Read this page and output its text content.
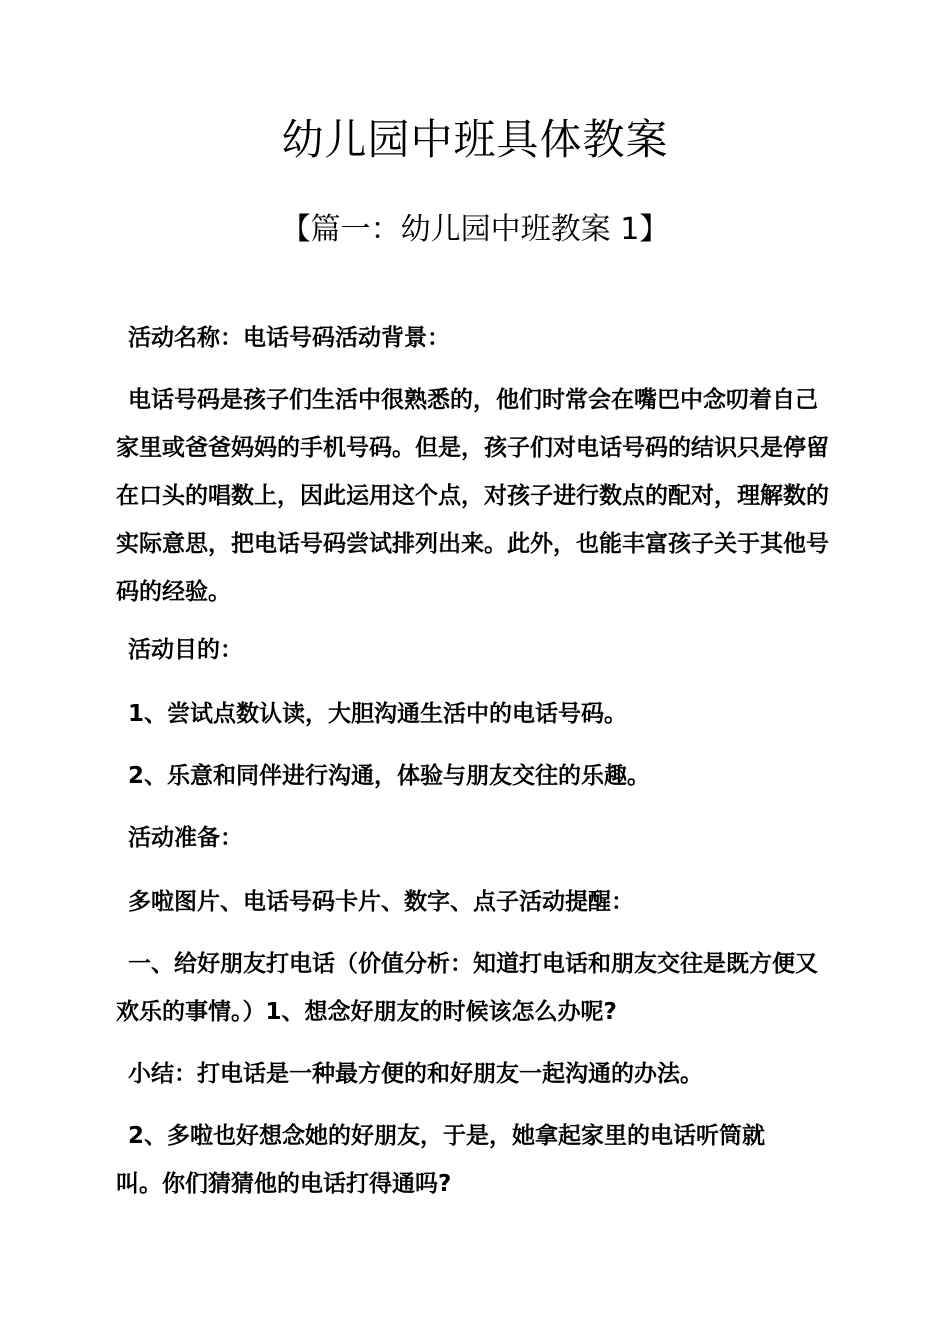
幼儿园中班具体教案
【篇一：幼儿园中班教案 1】

活动名称：电话号码活动背景：

电话号码是孩子们生活中很熟悉的，他们时常会在嘴巴中念叨着自己家里或爸爸妈妈的手机号码。但是，孩子们对电话号码的结识只是停留在口头的唱数上，因此运用这个点，对孩子进行数点的配对，理解数的实际意思，把电话号码尝试排列出来。此外，也能丰富孩子关于其他号码的经验。

活动目的：

1、尝试点数认读，大胆沟通生活中的电话号码。

2、乐意和同伴进行沟通，体验与朋友交往的乐趣。

活动准备：

多啦图片、电话号码卡片、数字、点子活动提醒：

一、给好朋友打电话（价值分析：知道打电话和朋友交往是既方便又欢乐的事情。）1、想念好朋友的时候该怎么办呢?

小结：打电话是一种最方便的和好朋友一起沟通的办法。

2、多啦也好想念她的好朋友，于是，她拿起家里的电话听筒就叫。你们猜猜他的电话打得通吗?
